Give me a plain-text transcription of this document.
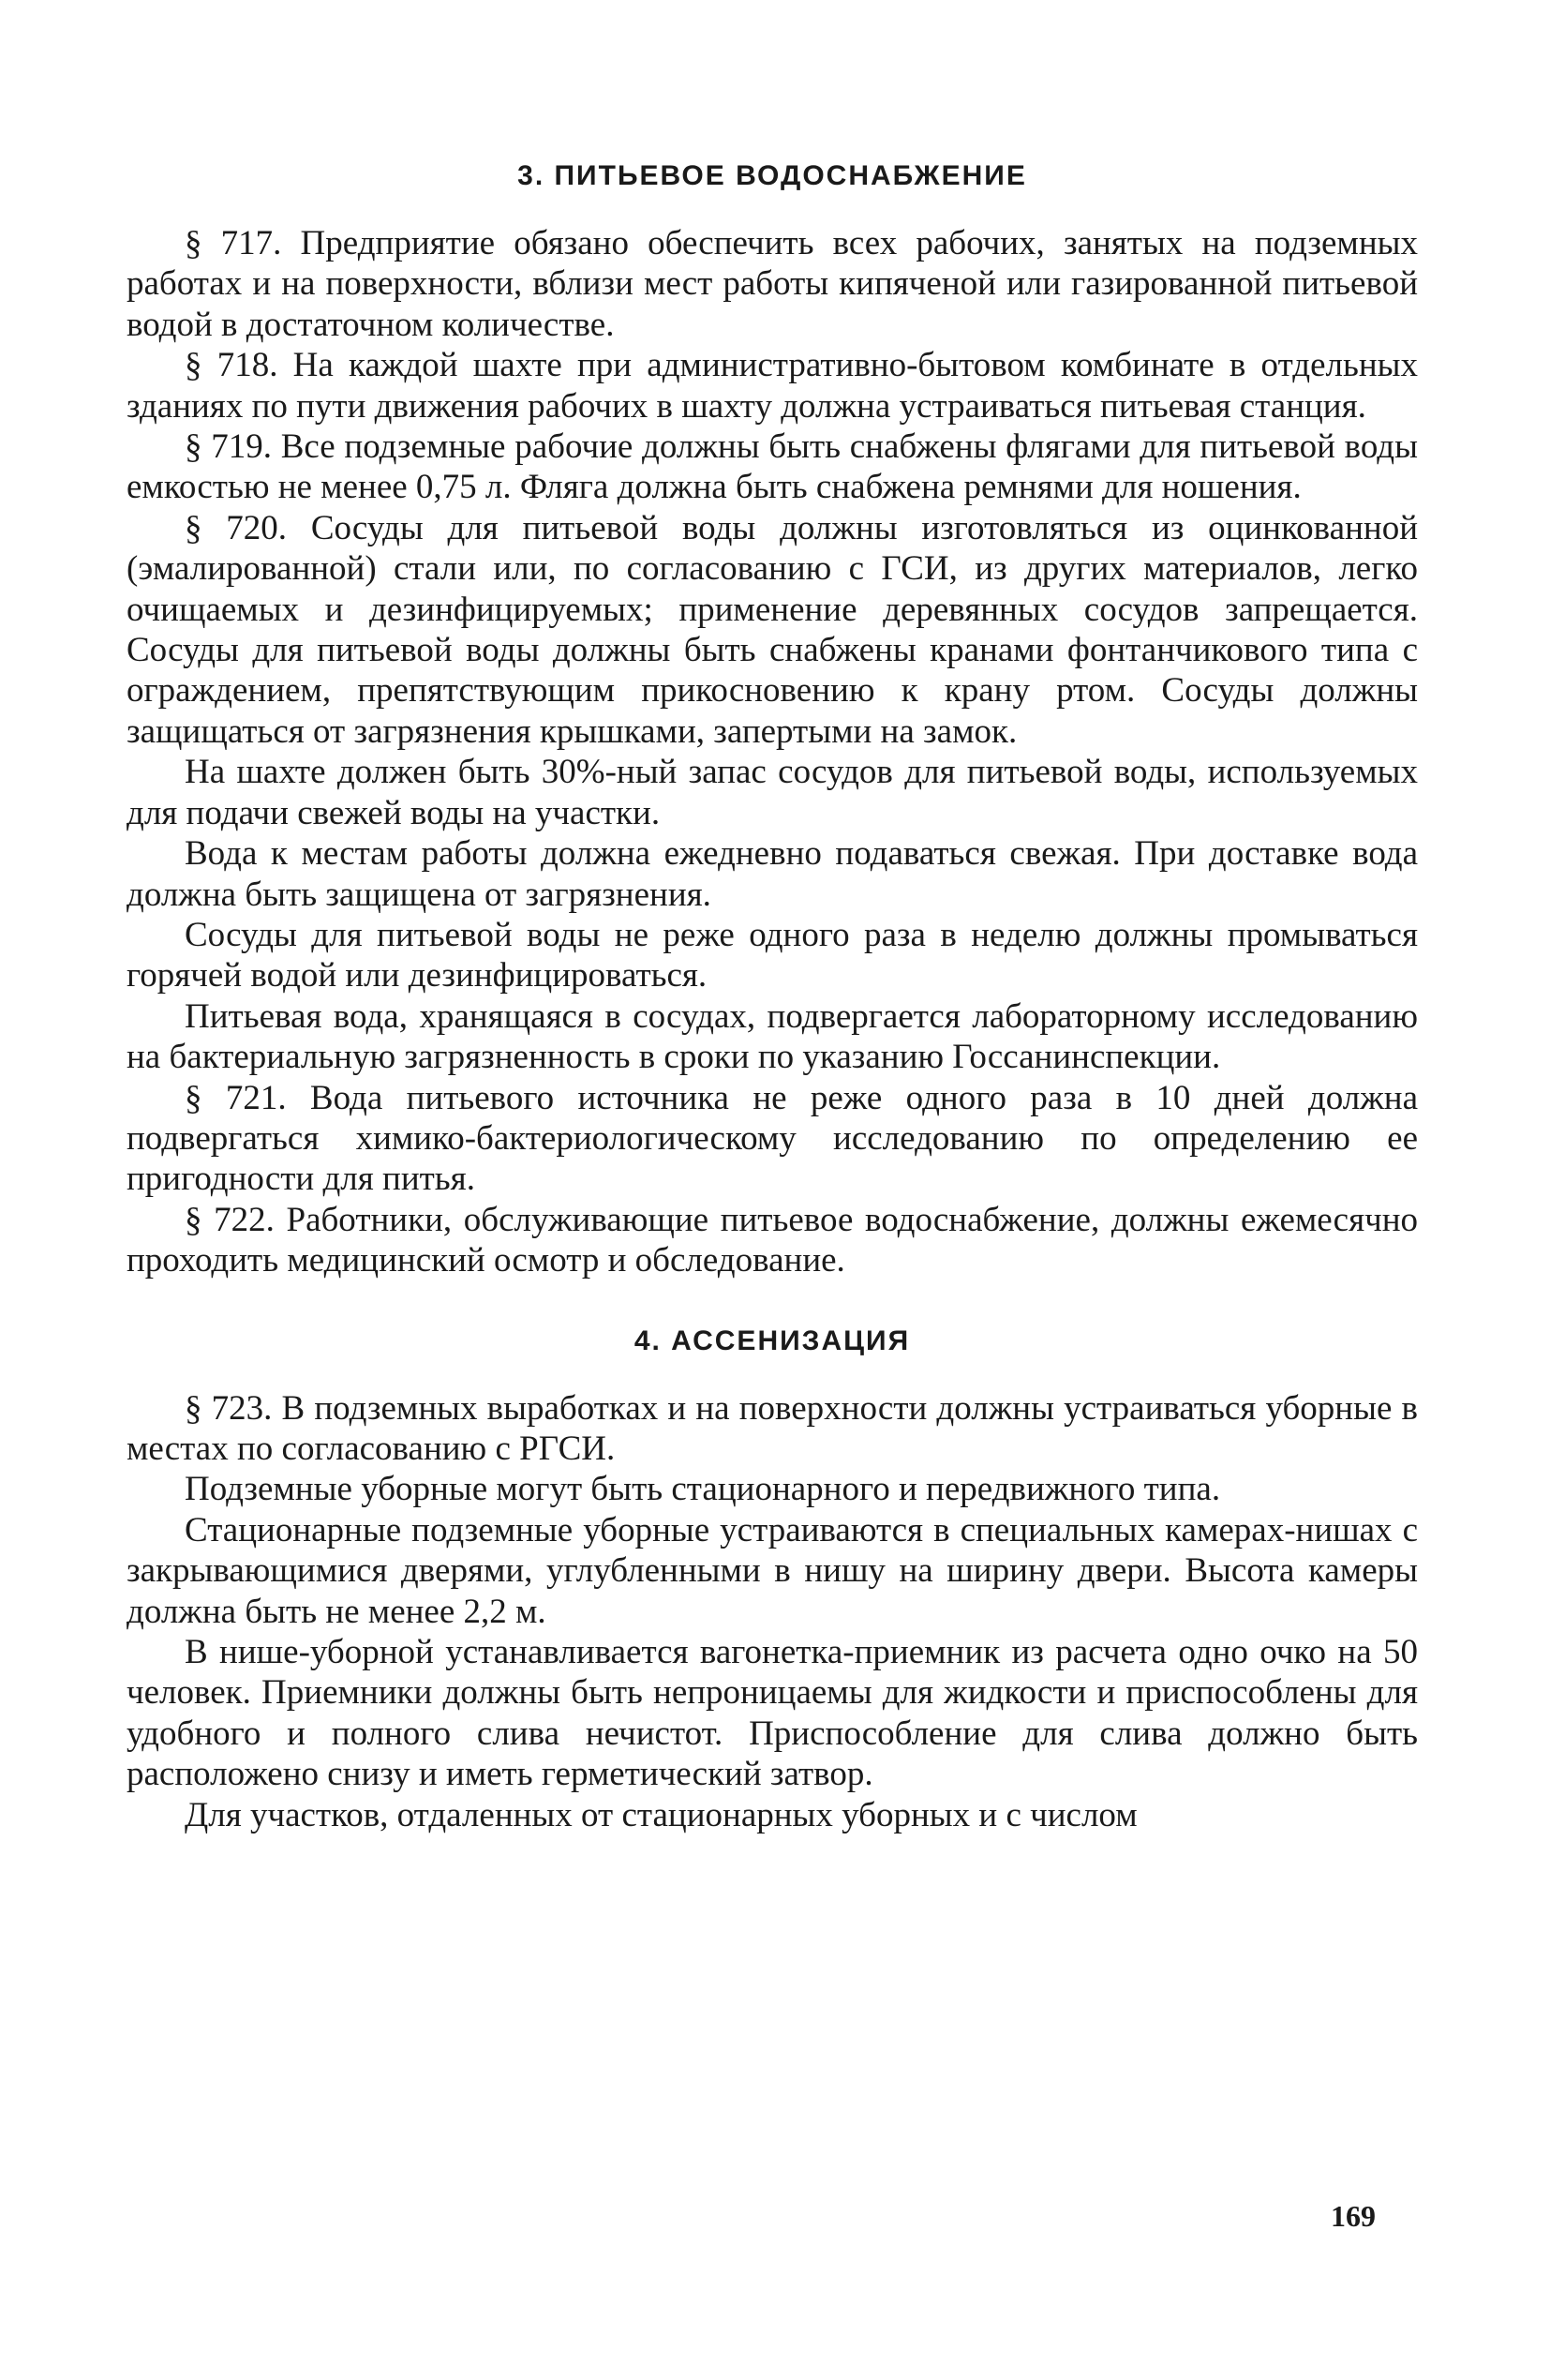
3. ПИТЬЕВОЕ ВОДОСНАБЖЕНИЕ

§ 717. Предприятие обязано обеспечить всех рабочих, занятых на подземных работах и на поверхности, вблизи мест работы кипяченой или газированной питьевой водой в достаточном количестве.

§ 718. На каждой шахте при административно-бытовом комбинате в отдельных зданиях по пути движения рабочих в шахту должна устраиваться питьевая станция.

§ 719. Все подземные рабочие должны быть снабжены флягами для питьевой воды емкостью не менее 0,75 л. Фляга должна быть снабжена ремнями для ношения.

§ 720. Сосуды для питьевой воды должны изготовляться из оцинкованной (эмалированной) стали или, по согласованию с ГСИ, из других материалов, легко очищаемых и дезинфицируемых; применение деревянных сосудов запрещается. Сосуды для питьевой воды должны быть снабжены кранами фонтанчикового типа с ограждением, препятствующим прикосновению к крану ртом. Сосуды должны защищаться от загрязнения крышками, запертыми на замок.

На шахте должен быть 30%-ный запас сосудов для питьевой воды, используемых для подачи свежей воды на участки.

Вода к местам работы должна ежедневно подаваться свежая. При доставке вода должна быть защищена от загрязнения.

Сосуды для питьевой воды не реже одного раза в неделю должны промываться горячей водой или дезинфицироваться.

Питьевая вода, хранящаяся в сосудах, подвергается лабораторному исследованию на бактериальную загрязненность в сроки по указанию Госсанинспекции.

§ 721. Вода питьевого источника не реже одного раза в 10 дней должна подвергаться химико-бактериологическому исследованию по определению ее пригодности для питья.

§ 722. Работники, обслуживающие питьевое водоснабжение, должны ежемесячно проходить медицинский осмотр и обследование.

4. АССЕНИЗАЦИЯ

§ 723. В подземных выработках и на поверхности должны устраиваться уборные в местах по согласованию с РГСИ.

Подземные уборные могут быть стационарного и передвижного типа.

Стационарные подземные уборные устраиваются в специальных камерах-нишах с закрывающимися дверями, углубленными в нишу на ширину двери. Высота камеры должна быть не менее 2,2 м.

В нише-уборной устанавливается вагонетка-приемник из расчета одно очко на 50 человек. Приемники должны быть непроницаемы для жидкости и приспособлены для удобного и полного слива нечистот. Приспособление для слива должно быть расположено снизу и иметь герметический затвор.

Для участков, отдаленных от стационарных уборных и с числом

169
